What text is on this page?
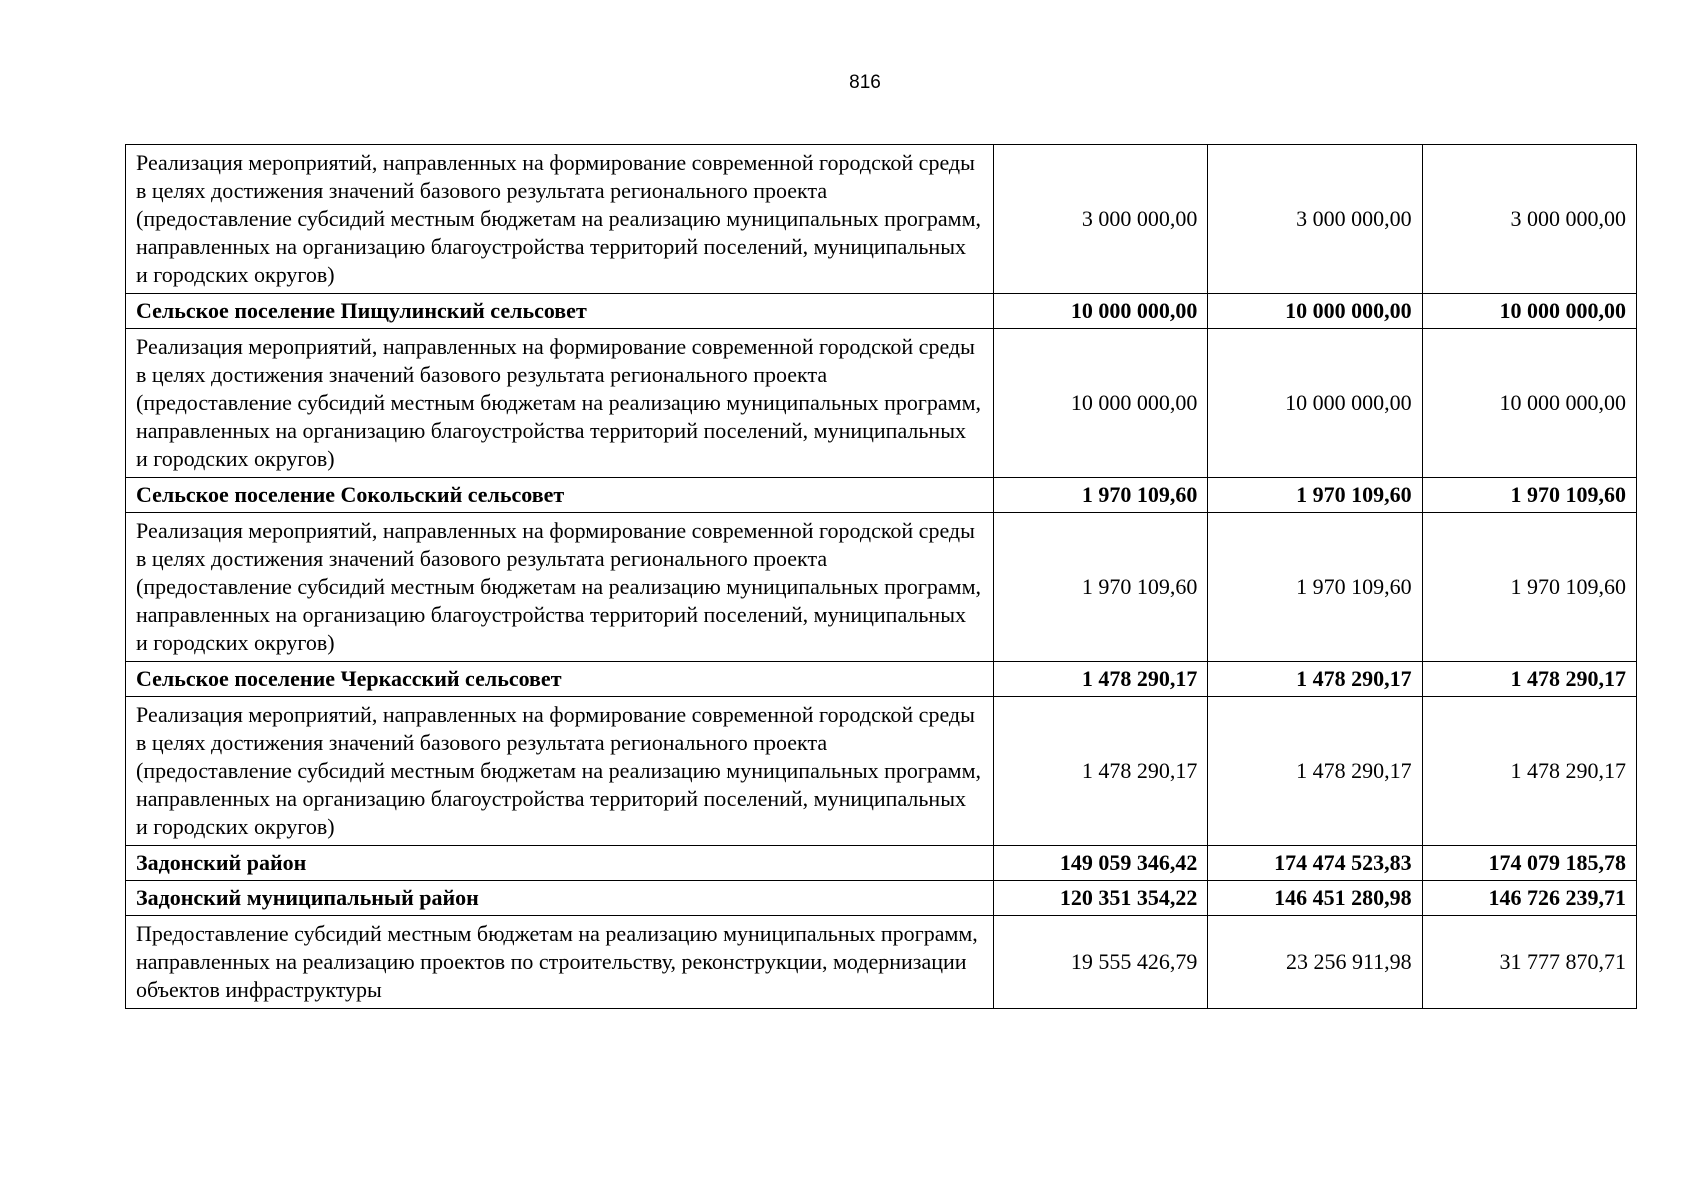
816
Реализация мероприятий, направленных на формирование современной городской среды в целях достижения значений базового результата регионального проекта (предоставление субсидий местным бюджетам на реализацию муниципальных программ, направленных на организацию благоустройства территорий поселений, муниципальных и городских округов)	3 000 000,00	3 000 000,00	3 000 000,00
Сельское поселение Пищулинский сельсовет	10 000 000,00	10 000 000,00	10 000 000,00
Реализация мероприятий, направленных на формирование современной городской среды в целях достижения значений базового результата регионального проекта (предоставление субсидий местным бюджетам на реализацию муниципальных программ, направленных на организацию благоустройства территорий поселений, муниципальных и городских округов)	10 000 000,00	10 000 000,00	10 000 000,00
Сельское поселение Сокольский сельсовет	1 970 109,60	1 970 109,60	1 970 109,60
Реализация мероприятий, направленных на формирование современной городской среды в целях достижения значений базового результата регионального проекта (предоставление субсидий местным бюджетам на реализацию муниципальных программ, направленных на организацию благоустройства территорий поселений, муниципальных и городских округов)	1 970 109,60	1 970 109,60	1 970 109,60
Сельское поселение Черкасский сельсовет	1 478 290,17	1 478 290,17	1 478 290,17
Реализация мероприятий, направленных на формирование современной городской среды в целях достижения значений базового результата регионального проекта (предоставление субсидий местным бюджетам на реализацию муниципальных программ, направленных на организацию благоустройства территорий поселений, муниципальных и городских округов)	1 478 290,17	1 478 290,17	1 478 290,17
Задонский район	149 059 346,42	174 474 523,83	174 079 185,78
Задонский муниципальный район	120 351 354,22	146 451 280,98	146 726 239,71
Предоставление субсидий местным бюджетам на реализацию муниципальных программ, направленных на реализацию проектов по строительству, реконструкции, модернизации объектов инфраструктуры	19 555 426,79	23 256 911,98	31 777 870,71
